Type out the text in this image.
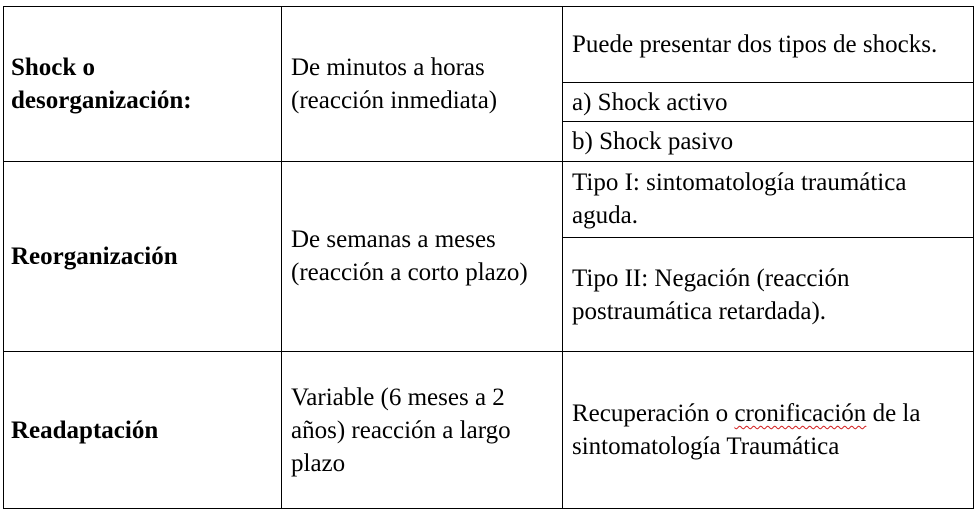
Shock o desorganización:	De minutos a horas (reacción inmediata)	Puede presentar dos tipos de shocks.
		a) Shock activo
		b) Shock pasivo
Reorganización	De semanas a meses (reacción a corto plazo)	Tipo I: sintomatología traumática aguda.
		Tipo II: Negación (reacción postraumática retardada).
Readaptación	Variable (6 meses a 2 años) reacción a largo plazo	Recuperación o cronificación de la sintomatología Traumática
